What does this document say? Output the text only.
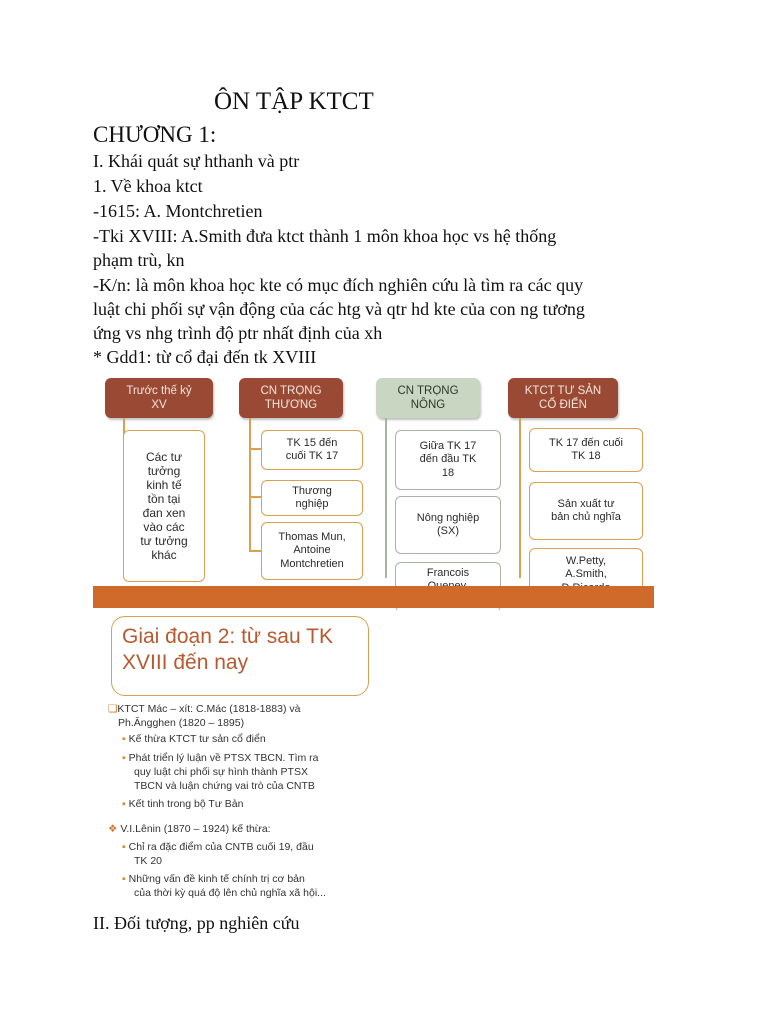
ÔN TẬP KTCT
CHƯƠNG 1:
I. Khái quát sự hthanh và ptr
1. Về khoa ktct
-1615: A. Montchretien
-Tki XVIII: A.Smith đưa ktct thành 1 môn khoa học vs hệ thống
phạm trù, kn
-K/n: là môn khoa học kte có mục đích nghiên cứu là tìm ra các quy
luật chi phối sự vận động của các htg và qtr hd kte của con ng tương
ứng vs nhg trình độ ptr nhất định của xh
* Gdd1: từ cổ đại đến tk XVIII
Trước thế kỷ
XV
Các tư
tưởng
kinh tế
tồn tại
đan xen
vào các
tư tưởng
khác
CN TRỌNG
THƯƠNG
TK 15 đến
cuối TK 17
Thương
nghiệp
Thomas Mun,
Antoine
Montchretien
CN TRỌNG
NÔNG
Giữa TK 17
đến đầu TK
18
Nông nghiệp
(SX)
Francois
KTCT TƯ SẢN
CỔ ĐIỂN
TK 17 đến cuối
TK 18
Sản xuất tư
bản chủ nghĩa
W.Petty,
A.Smith,
Giai đoạn 2: từ sau TK
XVIII đến nay
❑KTCT Mác – xít: C.Mác (1818-1883) và
Ph.Ăngghen (1820 – 1895)
▪ Kế thừa KTCT tư sản cổ điển
▪ Phát triển lý luận về PTSX TBCN. Tìm ra
quy luật chi phối sự hình thành PTSX
TBCN và luận chứng vai trò của CNTB
▪ Kết tinh trong bộ Tư Bản
❖ V.I.Lênin (1870 – 1924) kế thừa:
▪ Chỉ ra đặc điểm của CNTB cuối 19, đầu
TK 20
▪ Những vấn đề kinh tế chính trị cơ bản
của thời kỳ quá độ lên chủ nghĩa xã hội...
II. Đối tượng, pp nghiên cứu
